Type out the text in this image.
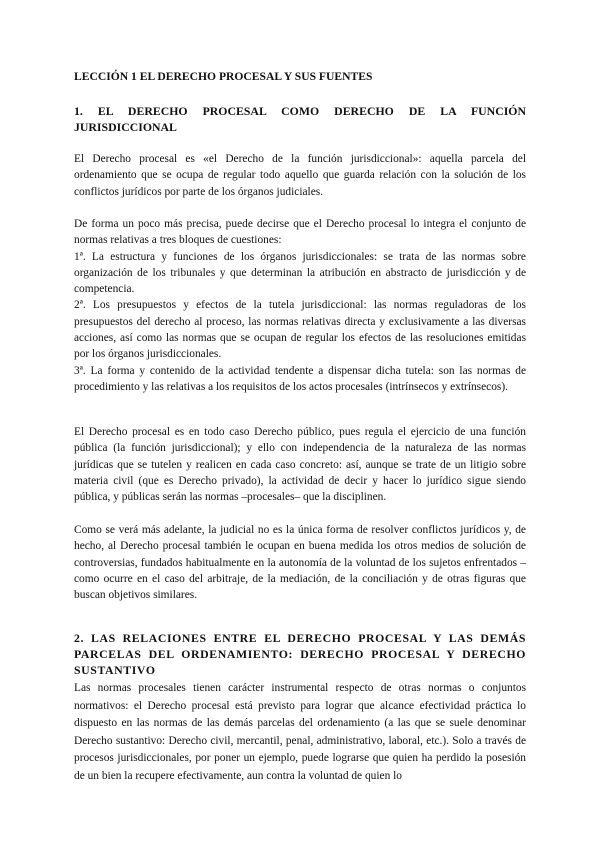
LECCIÓN 1 EL DERECHO PROCESAL Y SUS FUENTES
1. EL DERECHO PROCESAL COMO DERECHO DE LA FUNCIÓN JURISDICCIONAL

El Derecho procesal es «el Derecho de la función jurisdiccional»: aquella parcela del ordenamiento que se ocupa de regular todo aquello que guarda relación con la solución de los conflictos jurídicos por parte de los órganos judiciales.

De forma un poco más precisa, puede decirse que el Derecho procesal lo integra el conjunto de normas relativas a tres bloques de cuestiones:
1ª. La estructura y funciones de los órganos jurisdiccionales: se trata de las normas sobre organización de los tribunales y que determinan la atribución en abstracto de jurisdicción y de competencia.
2ª. Los presupuestos y efectos de la tutela jurisdiccional: las normas reguladoras de los presupuestos del derecho al proceso, las normas relativas directa y exclusivamente a las diversas acciones, así como las normas que se ocupan de regular los efectos de las resoluciones emitidas por los órganos jurisdiccionales.
3ª. La forma y contenido de la actividad tendente a dispensar dicha tutela: son las normas de procedimiento y las relativas a los requisitos de los actos procesales (intrínsecos y extrínsecos).

El Derecho procesal es en todo caso Derecho público, pues regula el ejercicio de una función pública (la función jurisdiccional); y ello con independencia de la naturaleza de las normas jurídicas que se tutelen y realicen en cada caso concreto: así, aunque se trate de un litigio sobre materia civil (que es Derecho privado), la actividad de decir y hacer lo jurídico sigue siendo pública, y públicas serán las normas –procesales– que la disciplinen.

Como se verá más adelante, la judicial no es la única forma de resolver conflictos jurídicos y, de hecho, al Derecho procesal también le ocupan en buena medida los otros medios de solución de controversias, fundados habitualmente en la autonomía de la voluntad de los sujetos enfrentados –como ocurre en el caso del arbitraje, de la mediación, de la conciliación y de otras figuras que buscan objetivos similares.

2. LAS RELACIONES ENTRE EL DERECHO PROCESAL Y LAS DEMÁS PARCELAS DEL ORDENAMIENTO: DERECHO PROCESAL Y DERECHO SUSTANTIVO

Las normas procesales tienen carácter instrumental respecto de otras normas o conjuntos normativos: el Derecho procesal está previsto para lograr que alcance efectividad práctica lo dispuesto en las normas de las demás parcelas del ordenamiento (a las que se suele denominar Derecho sustantivo: Derecho civil, mercantil, penal, administrativo, laboral, etc.). Solo a través de procesos jurisdiccionales, por poner un ejemplo, puede lograrse que quien ha perdido la posesión de un bien la recupere efectivamente, aun contra la voluntad de quien lo
